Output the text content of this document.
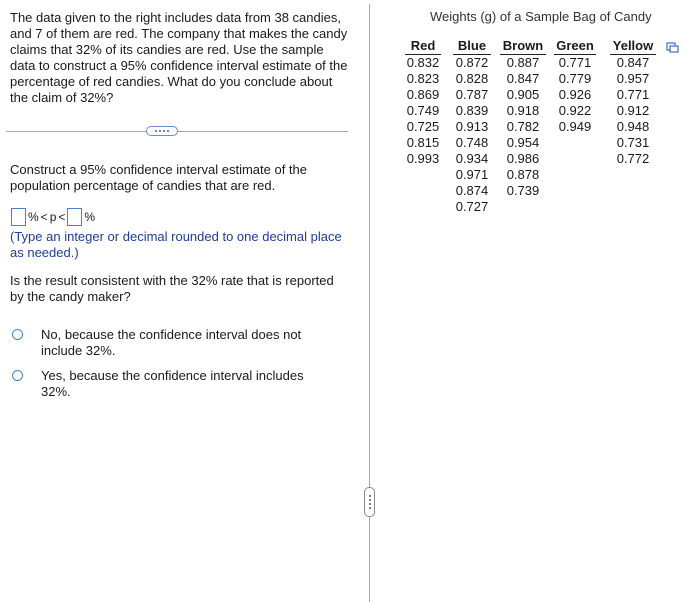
The data given to the right includes data from 38 candies, and 7 of them are red. The company that makes the candy claims that 32% of its candies are red. Use the sample data to construct a 95% confidence interval estimate of the percentage of red candies. What do you conclude about the claim of 32%?

Construct a 95% confidence interval estimate of the population percentage of candies that are red.

% < p < %

(Type an integer or decimal rounded to one decimal place as needed.)

Is the result consistent with the 32% rate that is reported by the candy maker?

No, because the confidence interval does not include 32%.
Yes, because the confidence interval includes 32%.

Weights (g) of a Sample Bag of Candy

Red
0.832
0.823
0.869
0.749
0.725
0.815
0.993
Blue
0.872
0.828
0.787
0.839
0.913
0.748
0.934
0.971
0.874
0.727
Brown
0.887
0.847
0.905
0.918
0.782
0.954
0.986
0.878
0.739
Green
0.771
0.779
0.926
0.922
0.949
Yellow
0.847
0.957
0.771
0.912
0.948
0.731
0.772
